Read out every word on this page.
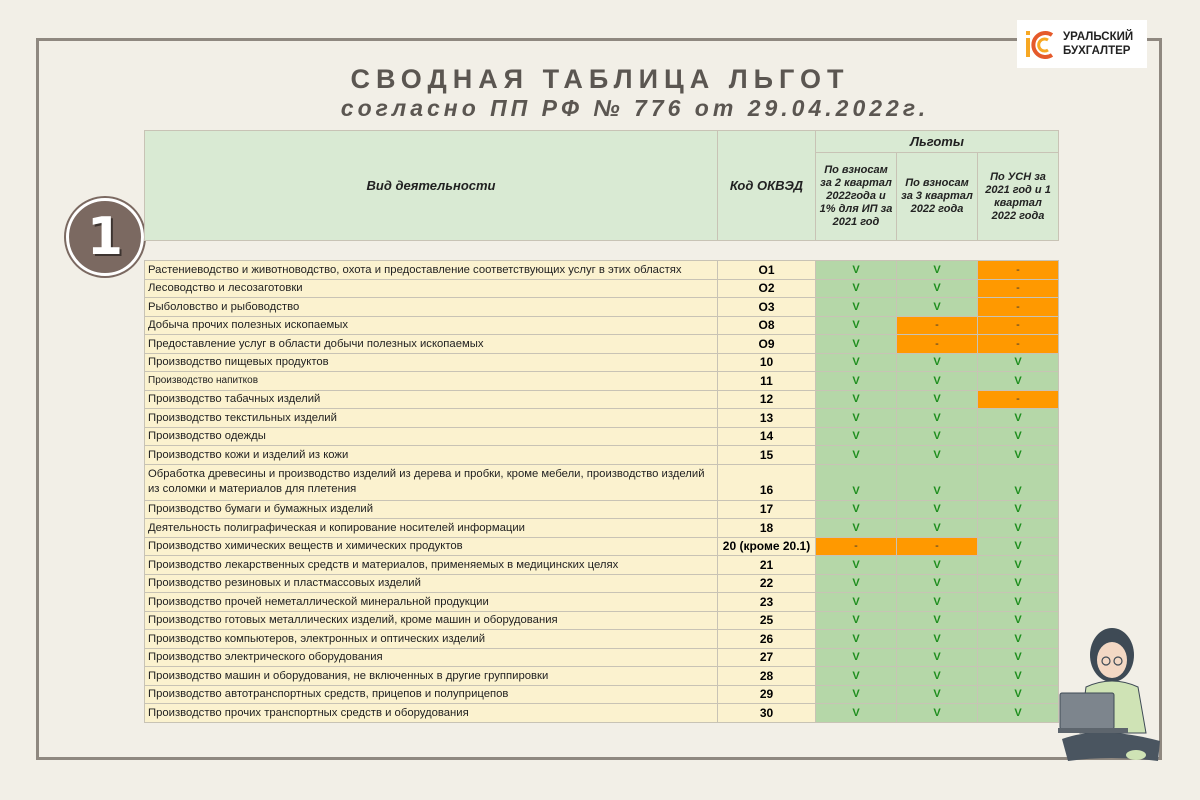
УРАЛЬСКИЙ
БУХГАЛТЕР
СВОДНАЯ ТАБЛИЦА ЛЬГОТ
согласно ПП РФ № 776 от 29.04.2022г.
1
Вид деятельности	Код ОКВЭД	Льготы		
		По взносам за 2 квартал 2022года и 1% для ИП за 2021 год	По взносам за 3 квартал 2022 года	По УСН за 2021 год и 1 квартал 2022 года

Растениеводство и животноводство, охота и предоставление соответствующих услуг в этих областях	О1	V	V	-
Лесоводство и лесозаготовки	О2	V	V	-
Рыболовство и рыбоводство	О3	V	V	-
Добыча прочих полезных ископаемых	О8	V	-	-
Предоставление услуг в области добычи полезных ископаемых	О9	V	-	-
Производство пищевых продуктов	10	V	V	V
Производство напитков	11	V	V	V
Производство табачных изделий	12	V	V	-
Производство текстильных изделий	13	V	V	V
Производство одежды	14	V	V	V
Производство кожи и изделий из кожи	15	V	V	V
Обработка древесины и производство изделий из дерева и пробки, кроме мебели, производство изделий из соломки и материалов для плетения	16	V	V	V
Производство бумаги и бумажных изделий	17	V	V	V
Деятельность полиграфическая и копирование носителей информации	18	V	V	V
Производство химических веществ и химических продуктов	20 (кроме 20.1)	-	-	V
Производство лекарственных средств и материалов, применяемых в медицинских целях	21	V	V	V
Производство резиновых и пластмассовых изделий	22	V	V	V
Производство прочей неметаллической минеральной продукции	23	V	V	V
Производство готовых металлических изделий, кроме машин и оборудования	25	V	V	V
Производство компьютеров, электронных и оптических изделий	26	V	V	V
Производство электрического оборудования	27	V	V	V
Производство машин и оборудования, не включенных в другие группировки	28	V	V	V
Производство автотранспортных средств, прицепов и полуприцепов	29	V	V	V
Производство прочих транспортных средств и оборудования	30	V	V	V
